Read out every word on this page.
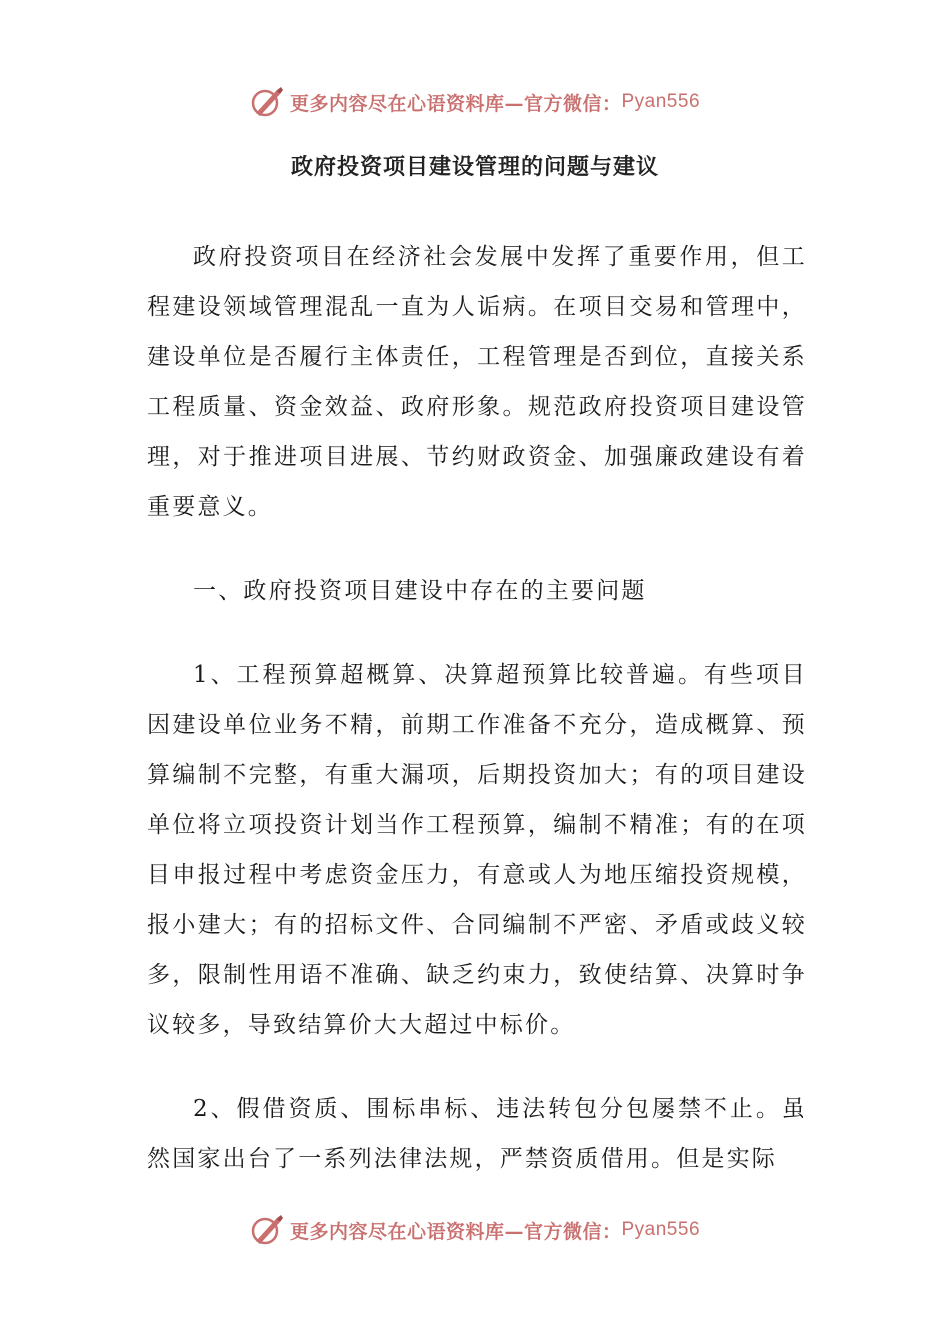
更多内容尽在心语资料库—官方微信： Pyan556
政府投资项目建设管理的问题与建议

政府投资项目在经济社会发展中发挥了重要作用，但工程建设领域管理混乱一直为人诟病。在项目交易和管理中，建设单位是否履行主体责任，工程管理是否到位，直接关系工程质量、资金效益、政府形象。规范政府投资项目建设管理，对于推进项目进展、节约财政资金、加强廉政建设有着重要意义。

一、政府投资项目建设中存在的主要问题

1、工程预算超概算、决算超预算比较普遍。有些项目因建设单位业务不精，前期工作准备不充分，造成概算、预算编制不完整，有重大漏项，后期投资加大；有的项目建设单位将立项投资计划当作工程预算，编制不精准；有的在项目申报过程中考虑资金压力，有意或人为地压缩投资规模，报小建大；有的招标文件、合同编制不严密、矛盾或歧义较多，限制性用语不准确、缺乏约束力，致使结算、决算时争议较多，导致结算价大大超过中标价。

2、假借资质、围标串标、违法转包分包屡禁不止。虽然国家出台了一系列法律法规，严禁资质借用。但是实际

更多内容尽在心语资料库—官方微信： Pyan556
